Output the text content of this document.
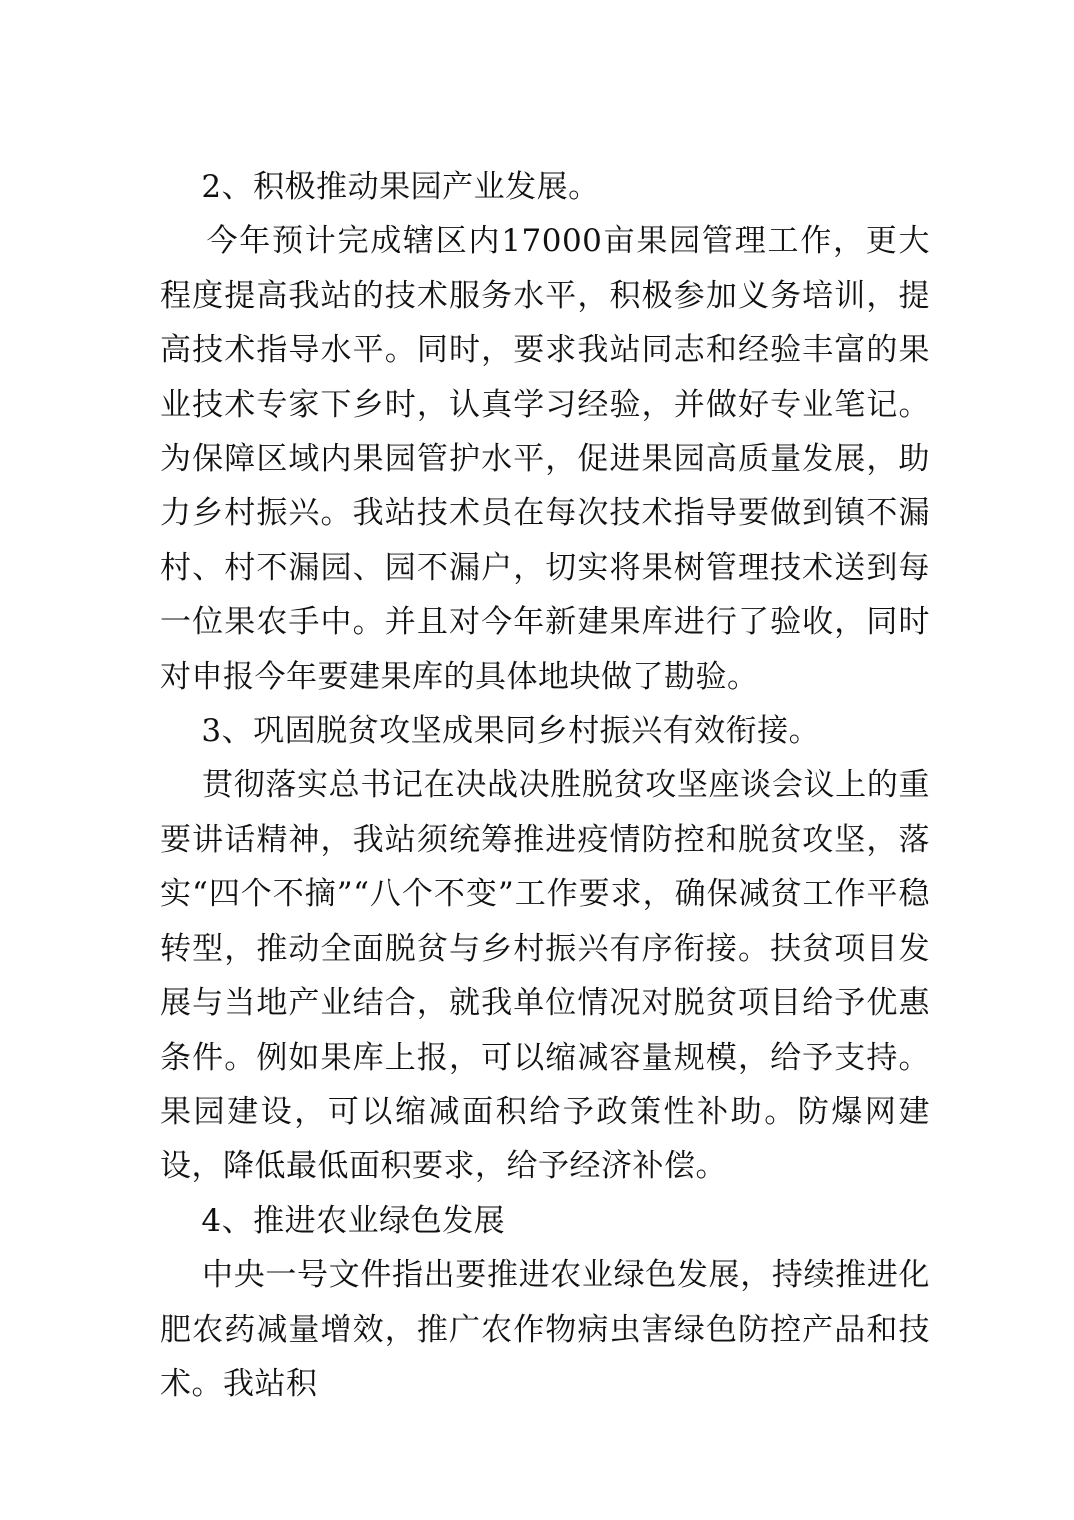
2、积极推动果园产业发展。

今年预计完成辖区内17000亩果园管理工作，更大程度提高我站的技术服务水平，积极参加义务培训，提高技术指导水平。同时，要求我站同志和经验丰富的果业技术专家下乡时，认真学习经验，并做好专业笔记。为保障区域内果园管护水平，促进果园高质量发展，助力乡村振兴。我站技术员在每次技术指导要做到镇不漏村、村不漏园、园不漏户，切实将果树管理技术送到每一位果农手中。并且对今年新建果库进行了验收，同时对申报今年要建果库的具体地块做了勘验。

3、巩固脱贫攻坚成果同乡村振兴有效衔接。

贯彻落实总书记在决战决胜脱贫攻坚座谈会议上的重要讲话精神，我站须统筹推进疫情防控和脱贫攻坚，落实“四个不摘”“八个不变”工作要求，确保减贫工作平稳转型，推动全面脱贫与乡村振兴有序衔接。扶贫项目发展与当地产业结合，就我单位情况对脱贫项目给予优惠条件。例如果库上报，可以缩减容量规模，给予支持。果园建设，可以缩减面积给予政策性补助。防爆网建设，降低最低面积要求，给予经济补偿。

4、推进农业绿色发展

中央一号文件指出要推进农业绿色发展，持续推进化肥农药减量增效，推广农作物病虫害绿色防控产品和技术。我站积
